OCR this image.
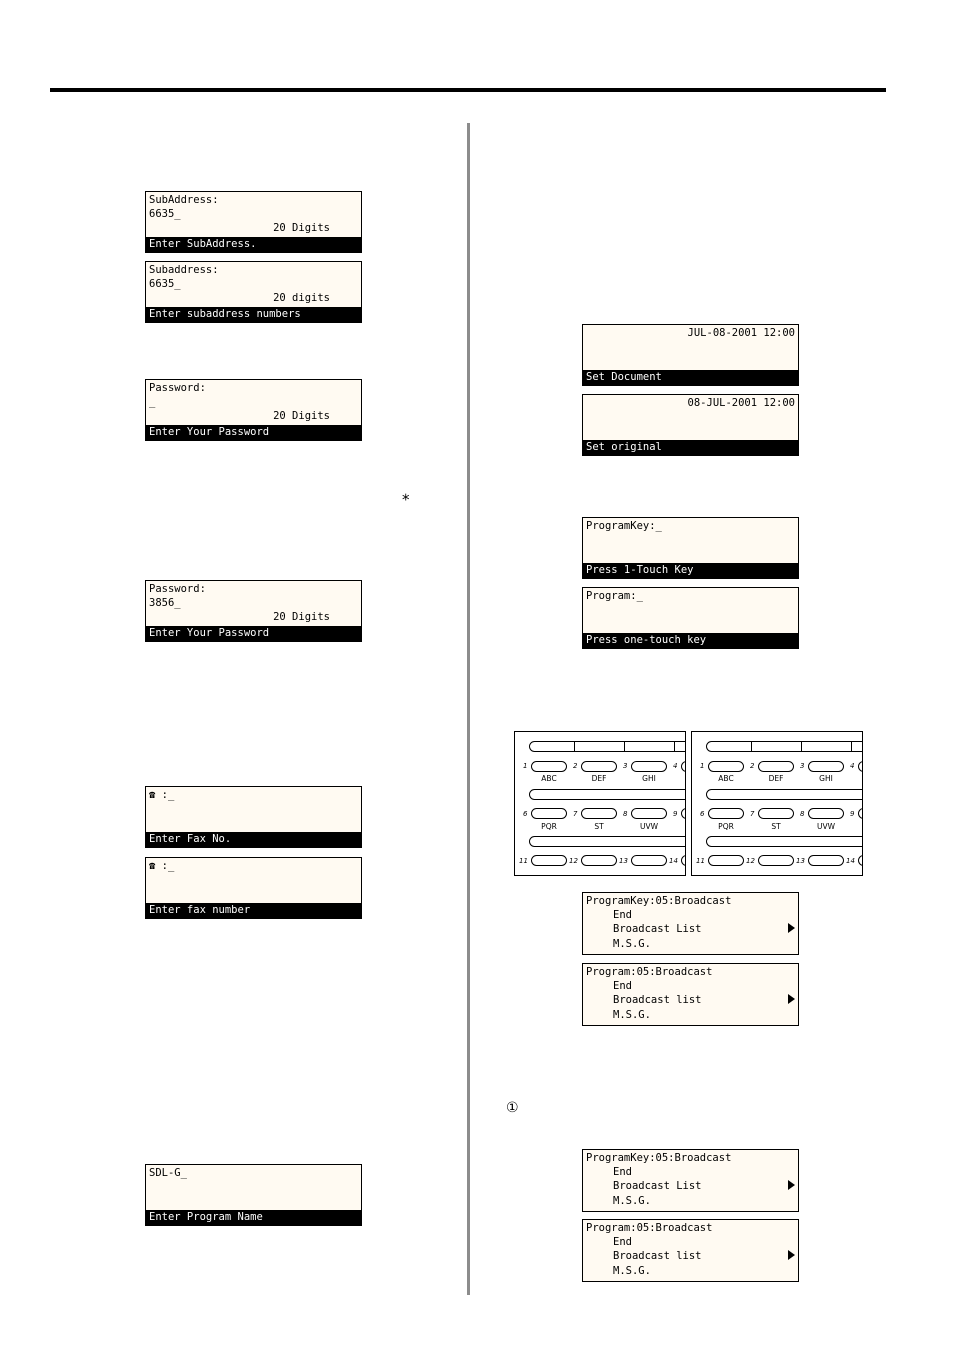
SubAddress:
6635_
20 Digits
Enter SubAddress.
Subaddress:
6635_
20 digits
Enter subaddress numbers
Password:
_
20 Digits
Enter Your Password
⁎
Password:
3856_
20 Digits
Enter Your Password
☎ :_
Enter Fax No.
☎ :_
Enter fax number
SDL-G_
Enter Program Name
JUL-08-2001 12:00
Set Document
08-JUL-2001 12:00
Set original
ProgramKey:_
Press 1-Touch Key
Program:_
Press one-touch key
1	2	3	4
ABC	DEF	GHI
6	7	8	9
PQR	ST	UVW
11	12	13	14
1	2	3	4
ABC	DEF	GHI
6	7	8	9
PQR	ST	UVW
11	12	13	14
ProgramKey:05:Broadcast
End
Broadcast List
M.S.G.
Program:05:Broadcast
End
Broadcast list
M.S.G.
①
ProgramKey:05:Broadcast
End
Broadcast List
M.S.G.
Program:05:Broadcast
End
Broadcast list
M.S.G.
